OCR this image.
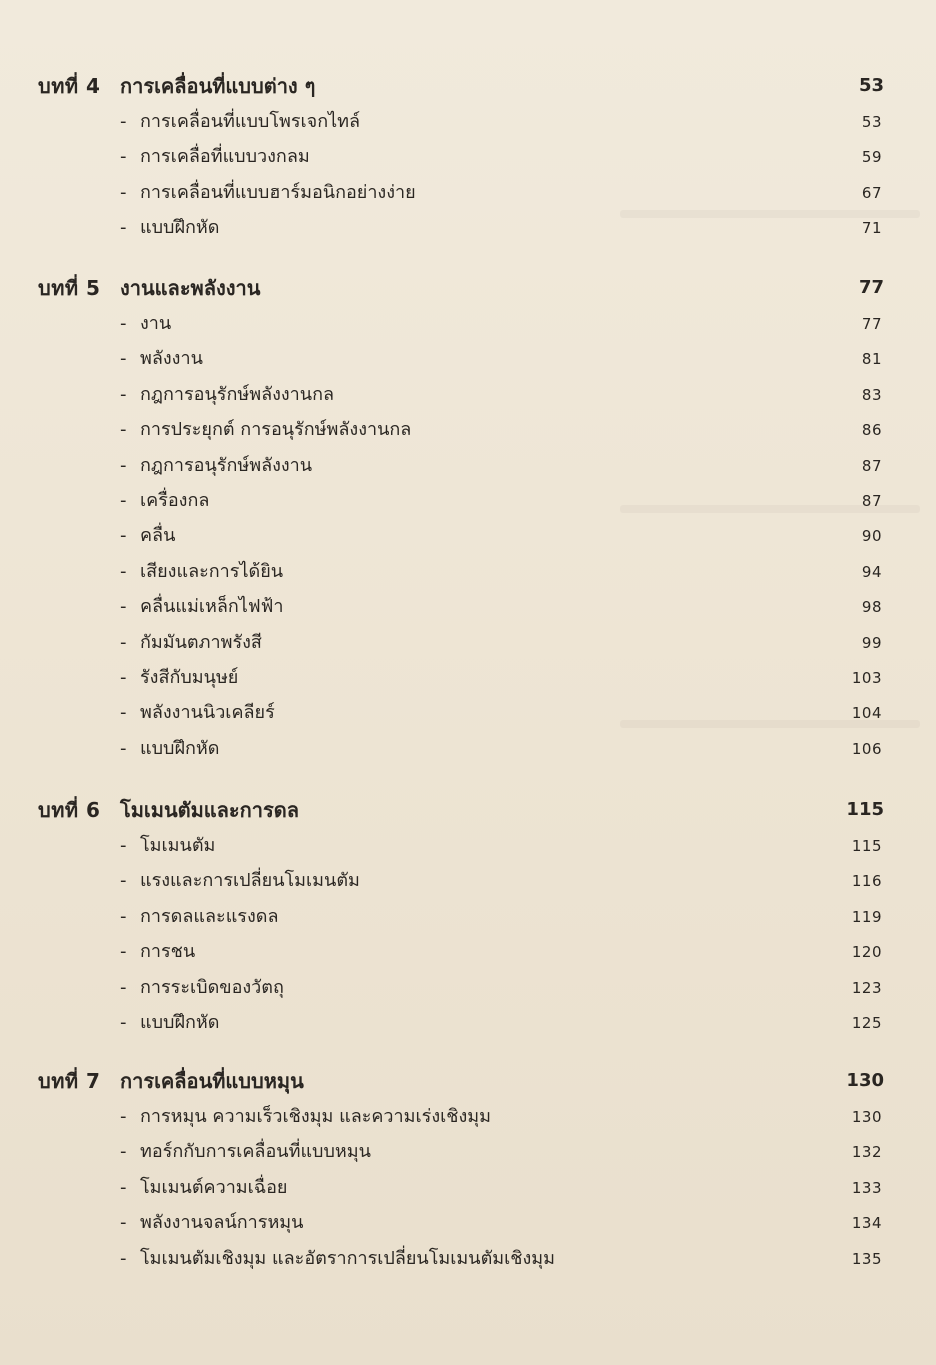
บทที่ 4 การเคลื่อนที่แบบต่าง ๆ	53
- การเคลื่อนที่แบบโพรเจกไทล์	53
- การเคลื่อที่แบบวงกลม	59
- การเคลื่อนที่แบบฮาร์มอนิกอย่างง่าย	67
- แบบฝึกหัด	71
บทที่ 5 งานและพลังงาน	77
- งาน	77
- พลังงาน	81
- กฎการอนุรักษ์พลังงานกล	83
- การประยุกต์ การอนุรักษ์พลังงานกล	86
- กฎการอนุรักษ์พลังงาน	87
- เครื่องกล	87
- คลื่น	90
- เสียงและการได้ยิน	94
- คลื่นแม่เหล็กไฟฟ้า	98
- กัมมันตภาพรังสี	99
- รังสีกับมนุษย์	103
- พลังงานนิวเคลียร์	104
- แบบฝึกหัด	106
บทที่ 6 โมเมนตัมและการดล	115
- โมเมนตัม	115
- แรงและการเปลี่ยนโมเมนตัม	116
- การดลและแรงดล	119
- การชน	120
- การระเบิดของวัตถุ	123
- แบบฝึกหัด	125
บทที่ 7 การเคลื่อนที่แบบหมุน	130
- การหมุน ความเร็วเชิงมุม และความเร่งเชิงมุม	130
- ทอร์กกับการเคลื่อนที่แบบหมุน	132
- โมเมนต์ความเฉื่อย	133
- พลังงานจลน์การหมุน	134
- โมเมนตัมเชิงมุม และอัตราการเปลี่ยนโมเมนตัมเชิงมุม	135
